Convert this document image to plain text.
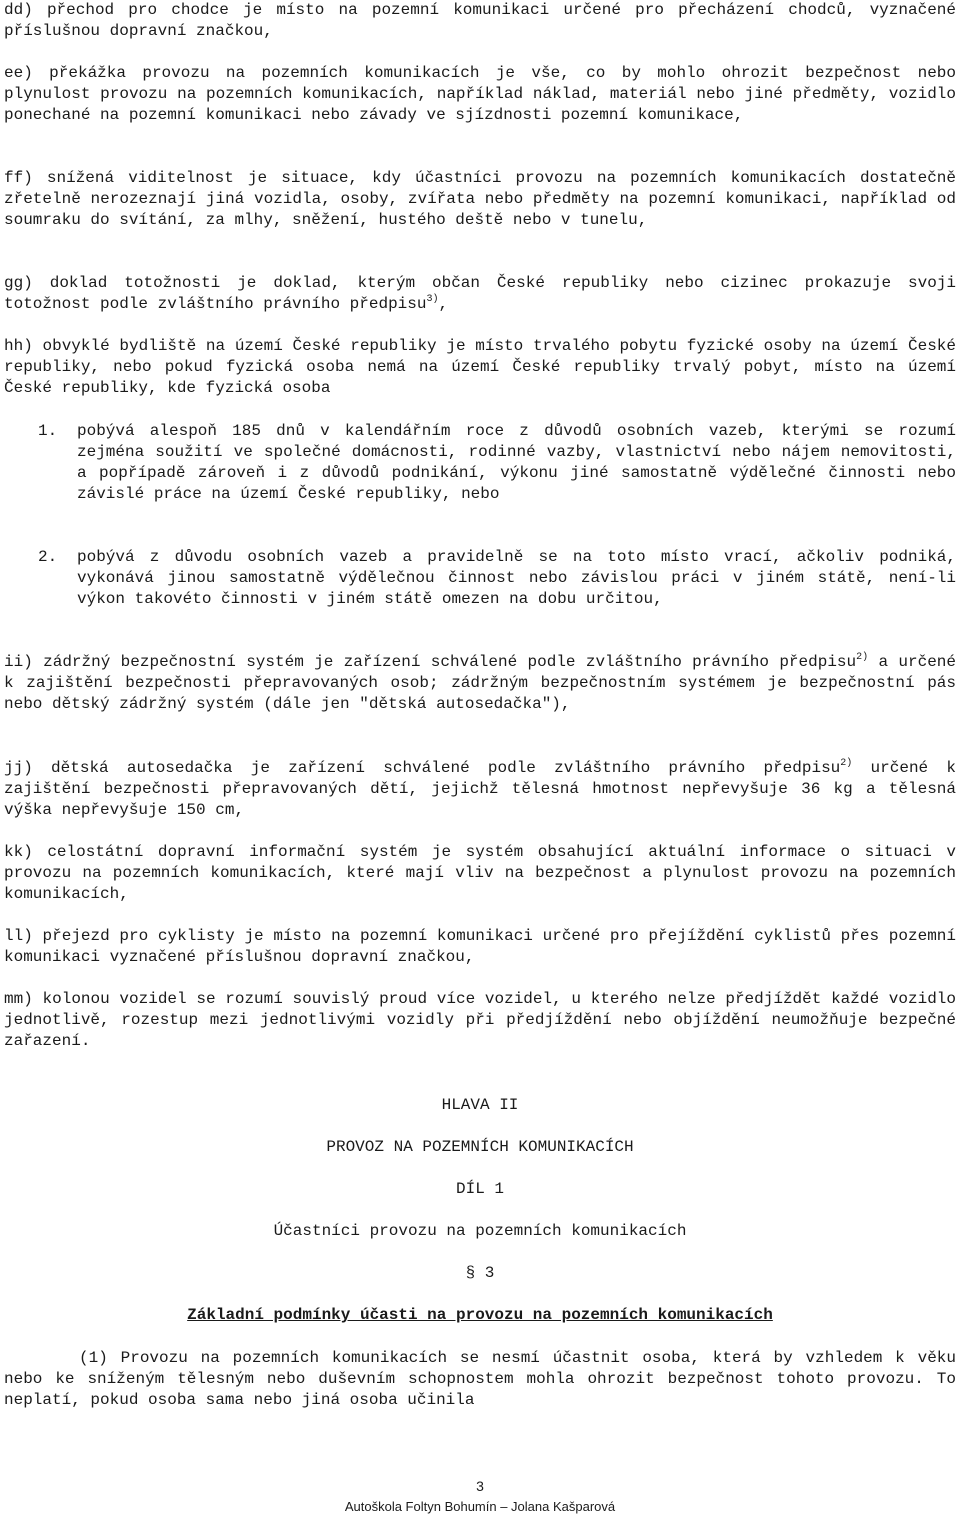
dd) přechod pro chodce je místo na pozemní komunikaci určené pro přecházení chodců, vyznačené příslušnou dopravní značkou,

ee) překážka provozu na pozemních komunikacích je vše, co by mohlo ohrozit bezpečnost nebo plynulost provozu na pozemních komunikacích, například náklad, materiál nebo jiné předměty, vozidlo ponechané na pozemní komunikaci nebo závady ve sjízdnosti pozemní komunikace,

ff) snížená viditelnost je situace, kdy účastníci provozu na pozemních komunikacích dostatečně zřetelně nerozeznají jiná vozidla, osoby, zvířata nebo předměty na pozemní komunikaci, například od soumraku do svítání, za mlhy, sněžení, hustého deště nebo v tunelu,

gg) doklad totožnosti je doklad, kterým občan České republiky nebo cizinec prokazuje svoji totožnost podle zvláštního právního předpisu$^{3)}$,

hh) obvyklé bydliště na území České republiky je místo trvalého pobytu fyzické osoby na území České republiky, nebo pokud fyzická osoba nemá na území České republiky trvalý pobyt, místo na území České republiky, kde fyzická osoba

1.	pobývá alespoň 185 dnů v kalendářním roce z důvodů osobních vazeb, kterými se rozumí zejména soužití ve společné domácnosti, rodinné vazby, vlastnictví nebo nájem nemovitosti, a popřípadě zároveň i z důvodů podnikání, výkonu jiné samostatně výdělečné činnosti nebo závislé práce na území České republiky, nebo
2.	pobývá z důvodu osobních vazeb a pravidelně se na toto místo vrací, ačkoliv podniká, vykonává jinou samostatně výdělečnou činnost nebo závislou práci v jiném státě, není-li výkon takovéto činnosti v jiném státě omezen na dobu určitou,

ii) zádržný bezpečnostní systém je zařízení schválené podle zvláštního právního předpisu$^{2)}$ a určené k zajištění bezpečnosti přepravovaných osob; zádržným bezpečnostním systémem je bezpečnostní pás nebo dětský zádržný systém (dále jen "dětská autosedačka"),

jj) dětská autosedačka je zařízení schválené podle zvláštního právního předpisu$^{2)}$ určené k zajištění bezpečnosti přepravovaných dětí, jejichž tělesná hmotnost nepřevyšuje 36 kg a tělesná výška nepřevyšuje 150 cm,

kk) celostátní dopravní informační systém je systém obsahující aktuální informace o situaci v provozu na pozemních komunikacích, které mají vliv na bezpečnost a plynulost provozu na pozemních komunikacích,

ll) přejezd pro cyklisty je místo na pozemní komunikaci určené pro přejíždění cyklistů přes pozemní komunikaci vyznačené příslušnou dopravní značkou,

mm) kolonou vozidel se rozumí souvislý proud více vozidel, u kterého nelze předjíždět každé vozidlo jednotlivě, rozestup mezi jednotlivými vozidly při předjíždění nebo objíždění neumožňuje bezpečné zařazení.

HLAVA II
PROVOZ NA POZEMNÍCH KOMUNIKACÍCH
DÍL 1
Účastníci provozu na pozemních komunikacích
§ 3
Základní podmínky účasti na provozu na pozemních komunikacích

(1) Provozu na pozemních komunikacích se nesmí účastnit osoba, která by vzhledem k věku nebo ke sníženým tělesným nebo duševním schopnostem mohla ohrozit bezpečnost tohoto provozu. To neplatí, pokud osoba sama nebo jiná osoba učinila

3
Autoškola Foltyn Bohumín – Jolana Kašparová
